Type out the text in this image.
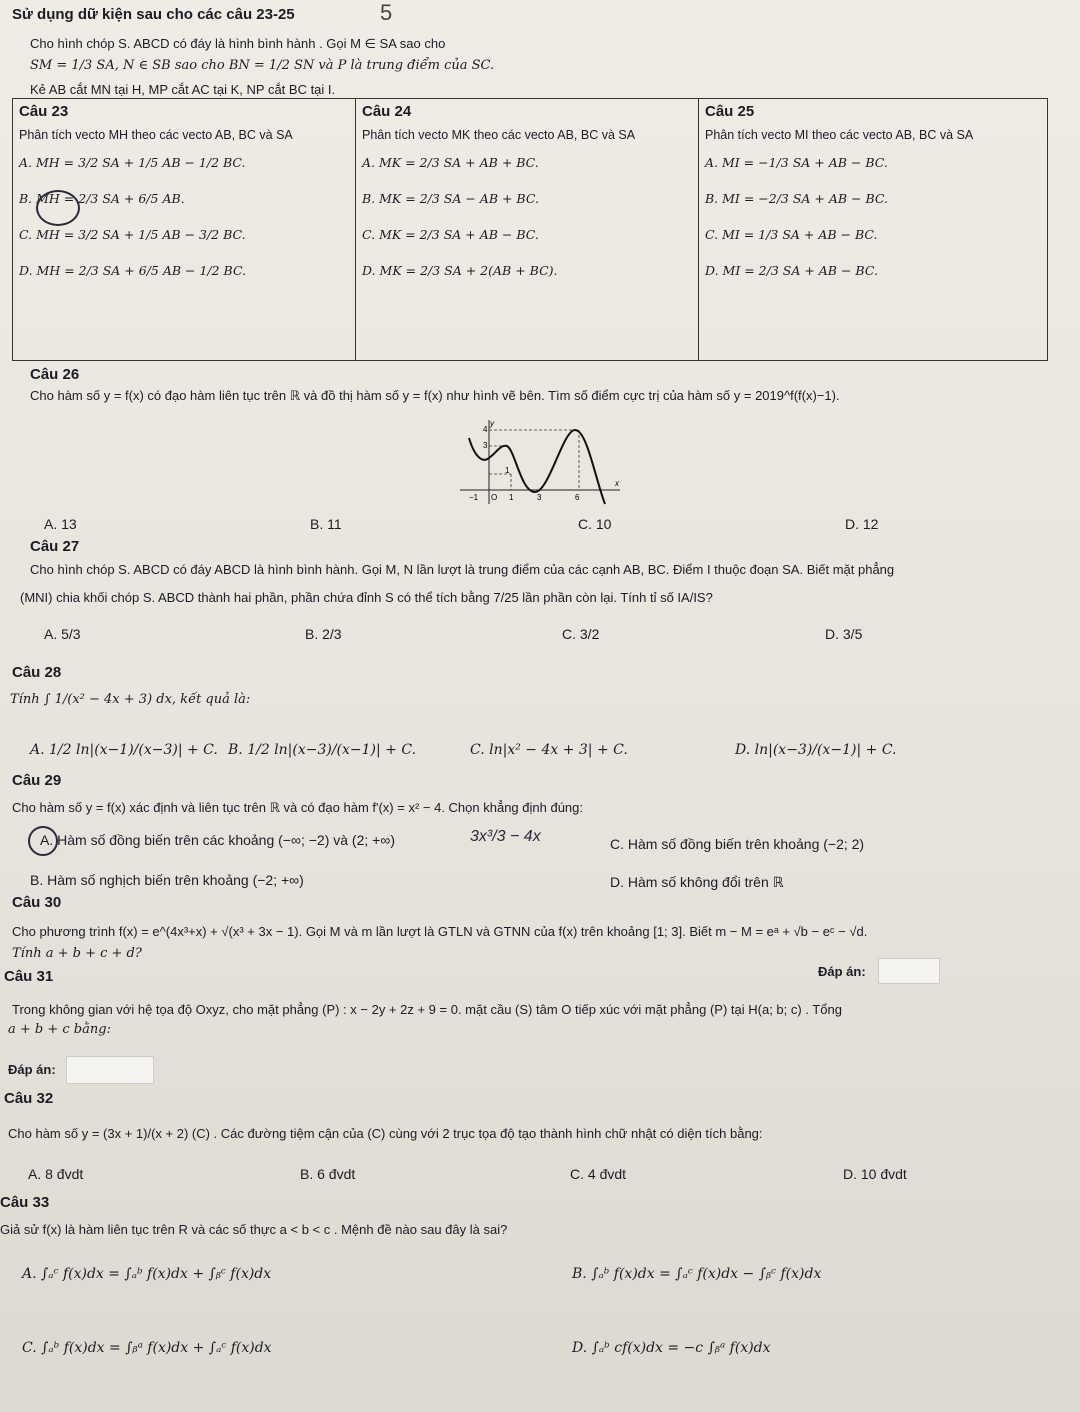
Sử dụng dữ kiện sau cho các câu 23-25
Cho hình chóp S. ABCD có đáy là hình bình hành . Gọi M ∈ SA sao cho
SM = 1/3 SA, N ∈ SB sao cho BN = 1/2 SN và P là trung điểm của SC.
Kẻ AB cắt MN tại H, MP cắt AC tại K, NP cắt BC tại I.
5
Câu 23
Phân tích vecto MH theo các vecto AB, BC và SA
A. MH = 3/2 SA + 1/5 AB − 1/2 BC.
B. MH = 2/3 SA + 6/5 AB.
C. MH = 3/2 SA + 1/5 AB − 3/2 BC.
D. MH = 2/3 SA + 6/5 AB − 1/2 BC.

Câu 24
Phân tích vecto MK theo các vecto AB, BC và SA
A. MK = 2/3 SA + AB + BC.
B. MK = 2/3 SA − AB + BC.
C. MK = 2/3 SA + AB − BC.
D. MK = 2/3 SA + 2(AB + BC).

Câu 25
Phân tích vecto MI theo các vecto AB, BC và SA
A. MI = −1/3 SA + AB − BC.
B. MI = −2/3 SA + AB − BC.
C. MI = 1/3 SA + AB − BC.
D. MI = 2/3 SA + AB − BC.
Câu 26
Cho hàm số y = f(x) có đạo hàm liên tục trên ℝ và đồ thị hàm số y = f(x) như hình vẽ bên. Tìm số điểm cực trị của hàm số y = 2019^f(f(x)−1).
y
x
O
−1	1	3	6
4
3
1
A. 13	B. 11	C. 10	D. 12
Câu 27
Cho hình chóp S. ABCD có đáy ABCD là hình bình hành. Gọi M, N lần lượt là trung điểm của các cạnh AB, BC. Điểm I thuộc đoạn SA. Biết mặt phẳng
(MNI) chia khối chóp S. ABCD thành hai phần, phần chứa đỉnh S có thể tích bằng 7/25 lần phần còn lại. Tính tỉ số IA/IS?
A. 5/3	B. 2/3	C. 3/2	D. 3/5
Câu 28
Tính ∫ 1/(x² − 4x + 3) dx, kết quả là:
A. 1/2 ln|(x−1)/(x−3)| + C. B. 1/2 ln|(x−3)/(x−1)| + C.	C. ln|x² − 4x + 3| + C.	D. ln|(x−3)/(x−1)| + C.
Câu 29
Cho hàm số y = f(x) xác định và liên tục trên ℝ và có đạo hàm f'(x) = x² − 4. Chọn khẳng định đúng:
A. Hàm số đồng biến trên các khoảng (−∞; −2) và (2; +∞)	C. Hàm số đồng biến trên khoảng (−2; 2)
B. Hàm số nghịch biến trên khoảng (−2; +∞)	D. Hàm số không đổi trên ℝ
3x³/3 − 4x
Câu 30
Cho phương trình f(x) = e^(4x³+x) + √(x³ + 3x − 1). Gọi M và m lần lượt là GTLN và GTNN của f(x) trên khoảng [1; 3]. Biết m − M = eᵃ + √b − eᶜ − √d.
Tính a + b + c + d?
Đáp án:
Câu 31
Trong không gian với hệ tọa độ Oxyz, cho mặt phẳng (P) : x − 2y + 2z + 9 = 0. mặt cầu (S) tâm O tiếp xúc với mặt phẳng (P) tại H(a; b; c) . Tổng
a + b + c bằng:
Đáp án:
Câu 32
Cho hàm số y = (3x + 1)/(x + 2) (C) . Các đường tiệm cận của (C) cùng với 2 trục tọa độ tạo thành hình chữ nhật có diện tích bằng:
A. 8 đvdt	B. 6 đvdt	C. 4 đvdt	D. 10 đvdt
Câu 33
Giả sử f(x) là hàm liên tục trên R và các số thực a < b < c . Mệnh đề nào sau đây là sai?
A. ∫ₐᶜ f(x)dx = ∫ₐᵇ f(x)dx + ∫ᵦᶜ f(x)dx	B. ∫ₐᵇ f(x)dx = ∫ₐᶜ f(x)dx − ∫ᵦᶜ f(x)dx
C. ∫ₐᵇ f(x)dx = ∫ᵦᵃ f(x)dx + ∫ₐᶜ f(x)dx	D. ∫ₐᵇ cf(x)dx = −c ∫ᵦᵃ f(x)dx
